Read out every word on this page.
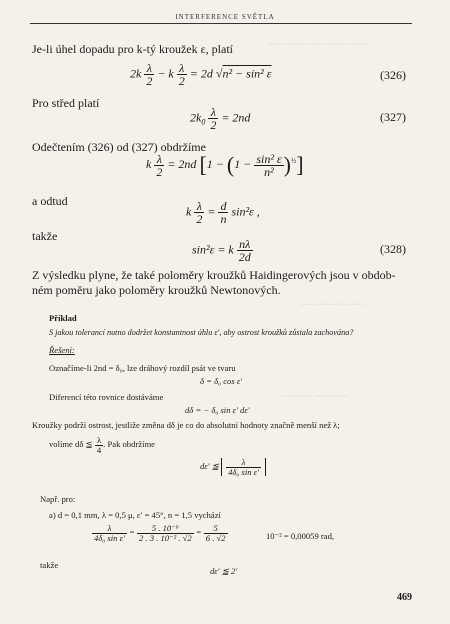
~~~ ~~~~~ ~~~ ~~~~~~ ~~~~
~~~~ ~~~~~~ ~~~~
~~~~~~~ ~~~~~~~~
INTERFERENCE SVĚTLA
Je-li úhel dopadu pro k-tý kroužek ε, platí
$2k \frac{\lambda}{2} - k \frac{\lambda}{2} = 2d$ √n² − sin² ε	(326)
Pro střed platí
$2k_0 \frac{\lambda}{2} = 2nd$	(327)
Odečtením (326) od (327) obdržíme
k $\frac{\lambda}{2} = 2nd$ $[1 - (1 - \frac{\text{sin² ε}}{\text{n²}} )^{\frac{1}{2}}]$
a odtud
k $\frac{\lambda}{2} = \frac{d}{n} \sin^2\varepsilon$ ,
takže
sin²ε = k $\frac{n\lambda}{2d}$	(328)
Z výsledku plyne, že také poloměry kroužků Haidingerových jsou v obdob-
ném poměru jako poloměry kroužků Newtonových.
Příklad
S jakou tolerancí nutno dodržet konstantnost úhlu ε′, aby ostrost kroužků zůstala zachována?
Řešení:
Označíme-li 2nd = δ₀, lze dráhový rozdíl psát ve tvaru
δ = δ₀ cos ε′
Diferencí této rovnice dostáváme
dδ = − δ₀ sin ε′ dε′
Kroužky podrží ostrost, jestliže změna dδ je co do absolutní hodnoty značně menší než λ;
volíme dδ ≦ $\frac{\lambda}{4}$ . Pak obdržíme
dε′ ≦ $\frac{\lambda}{\text{4δ₀ sin ε′}}$
Např. pro:
a) d = 0,1 mm, λ = 0,5 μ, ε′ = 45°, n = 1,5 vychází
$\frac{\lambda}{\text{4δ₀ sin ε′}} = \frac{\text{5 . 10⁻⁶}}{\text{2 . 3 . 10⁻² . √2}} = \frac{5}{6 . √2}$	10⁻² = 0,00059 rad,
takže
dε′ ≦ 2′
469
